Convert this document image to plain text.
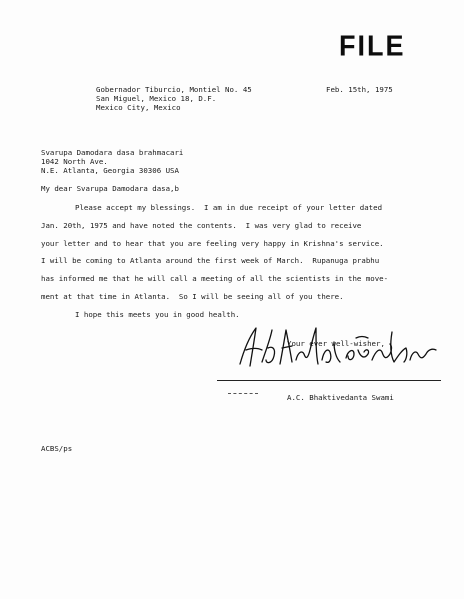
FILE
Gobernador Tiburcio, Montiel No. 45
San Miguel, Mexico 18, D.F.
Mexico City, Mexico
Feb. 15th, 1975
Svarupa Damodara dasa brahmacari
1042 North Ave.
N.E. Atlanta, Georgia 30306 USA
My dear Svarupa Damodara dasa,b
Please accept my blessings.  I am in due receipt of your letter dated
Jan. 20th, 1975 and have noted the contents.  I was very glad to receive
your letter and to hear that you are feeling very happy in Krishna's service.
I will be coming to Atlanta around the first week of March.  Rupanuga prabhu
has informed me that he will call a meeting of all the scientists in the move-
ment at that time in Atlanta.  So I will be seeing all of you there.
I hope this meets you in good health.
Your ever well-wisher,
A.C. Bhaktivedanta Swami
ACBS/ps
